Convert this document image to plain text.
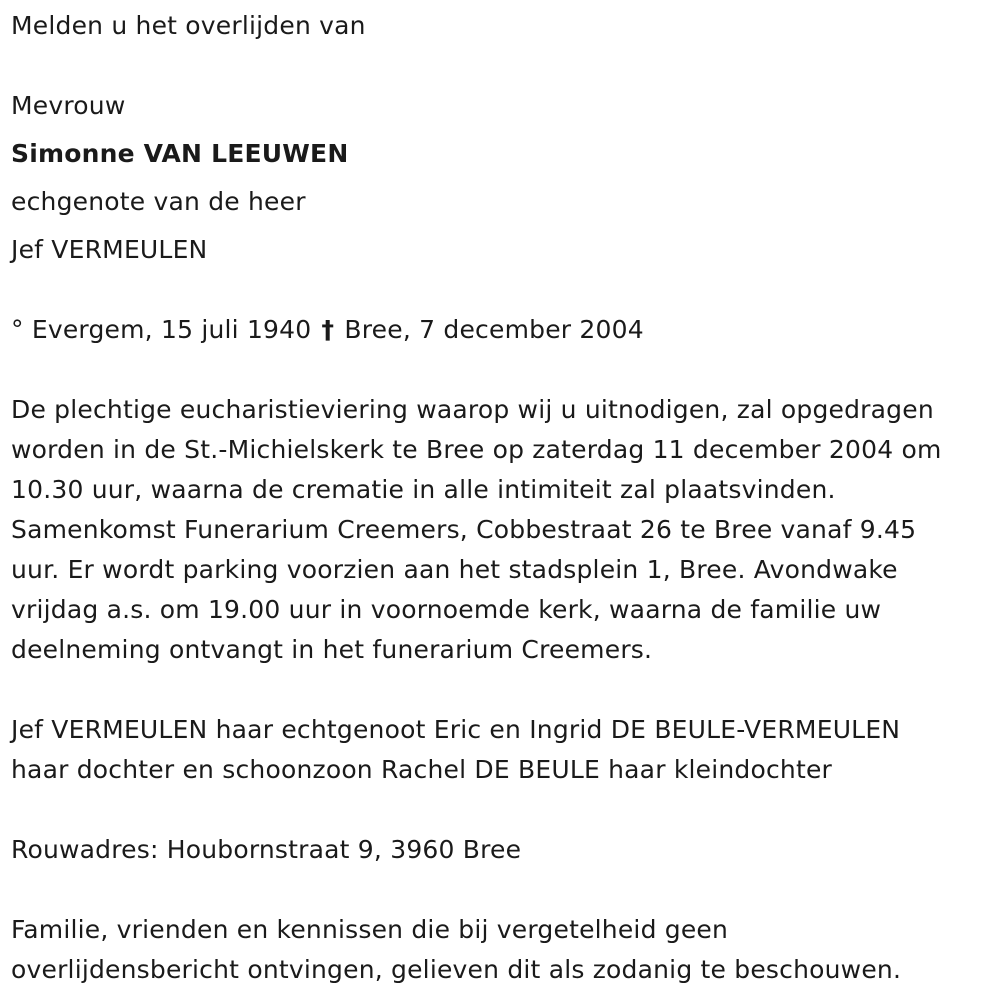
Melden u het overlijden van
Mevrouw
Simonne VAN LEEUWEN
echgenote van de heer
Jef VERMEULEN
° Evergem, 15 juli 1940 † Bree, 7 december 2004
De plechtige eucharistieviering waarop wij u uitnodigen, zal opgedragen
worden in de St.-Michielskerk te Bree op zaterdag 11 december 2004 om
10.30 uur, waarna de crematie in alle intimiteit zal plaatsvinden.
Samenkomst Funerarium Creemers, Cobbestraat 26 te Bree vanaf 9.45
uur. Er wordt parking voorzien aan het stadsplein 1, Bree. Avondwake
vrijdag a.s. om 19.00 uur in voornoemde kerk, waarna de familie uw
deelneming ontvangt in het funerarium Creemers.
Jef VERMEULEN haar echtgenoot Eric en Ingrid DE BEULE-VERMEULEN
haar dochter en schoonzoon Rachel DE BEULE haar kleindochter
Rouwadres: Houbornstraat 9, 3960 Bree
Familie, vrienden en kennissen die bij vergetelheid geen
overlijdensbericht ontvingen, gelieven dit als zodanig te beschouwen.
